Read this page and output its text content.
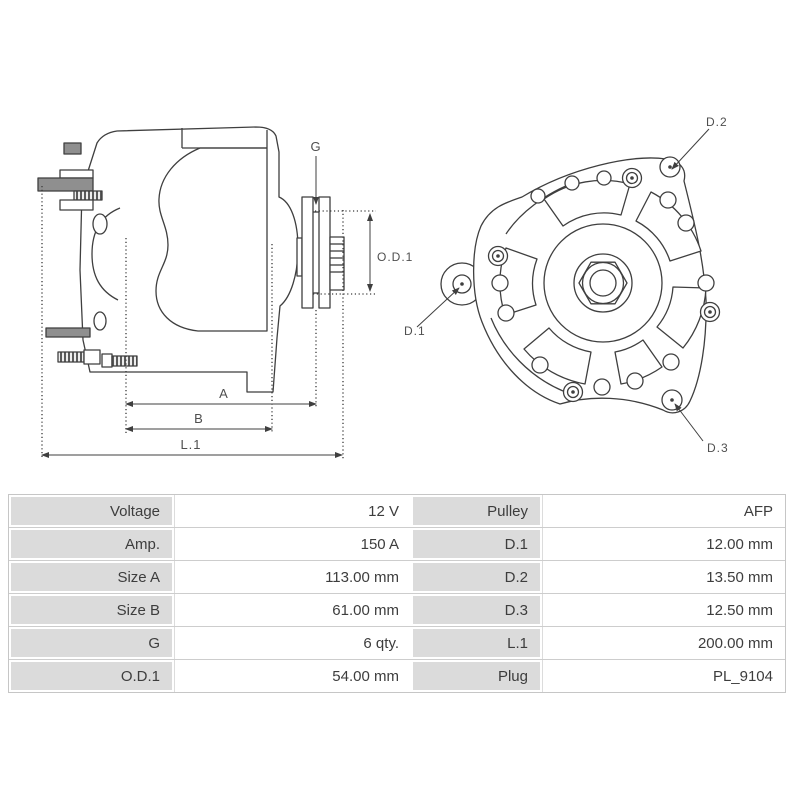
G
O.D.1
A
B
L.1
D.2
D.1
D.3
Voltage	12 V	Pulley	AFP
Amp.	150 A	D.1	12.00 mm
Size A	113.00 mm	D.2	13.50 mm
Size B	61.00 mm	D.3	12.50 mm
G	6 qty.	L.1	200.00 mm
O.D.1	54.00 mm	Plug	PL_9104
